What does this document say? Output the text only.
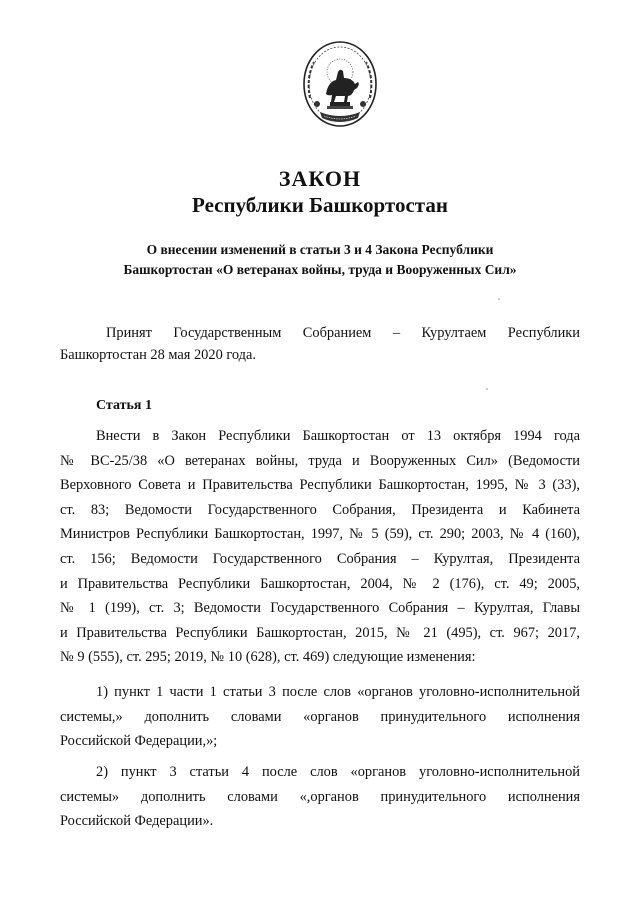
ЗАКОН
Республики Башкортостан
О внесении изменений в статьи 3 и 4 Закона Республики
Башкортостан «О ветеранах войны, труда и Вооруженных Сил»
Принят Государственным Собранием – Курултаем Республики
Башкортостан 28 мая 2020 года.
Статья 1
Внести в Закон Республики Башкортостан от 13 октября 1994 года
№ ВС-25/38 «О ветеранах войны, труда и Вооруженных Сил» (Ведомости
Верховного Совета и Правительства Республики Башкортостан, 1995, № 3 (33),
ст. 83; Ведомости Государственного Собрания, Президента и Кабинета
Министров Республики Башкортостан, 1997, № 5 (59), ст. 290; 2003, № 4 (160),
ст. 156; Ведомости Государственного Собрания – Курултая, Президента
и Правительства Республики Башкортостан, 2004, № 2 (176), ст. 49; 2005,
№ 1 (199), ст. 3; Ведомости Государственного Собрания – Курултая, Главы
и Правительства Республики Башкортостан, 2015, № 21 (495), ст. 967; 2017,
№ 9 (555), ст. 295; 2019, № 10 (628), ст. 469) следующие изменения:
1) пункт 1 части 1 статьи 3 после слов «органов уголовно-исполнительной
системы,» дополнить словами «органов принудительного исполнения
Российской Федерации,»;
2) пункт 3 статьи 4 после слов «органов уголовно-исполнительной
системы» дополнить словами «,органов принудительного исполнения
Российской Федерации».
